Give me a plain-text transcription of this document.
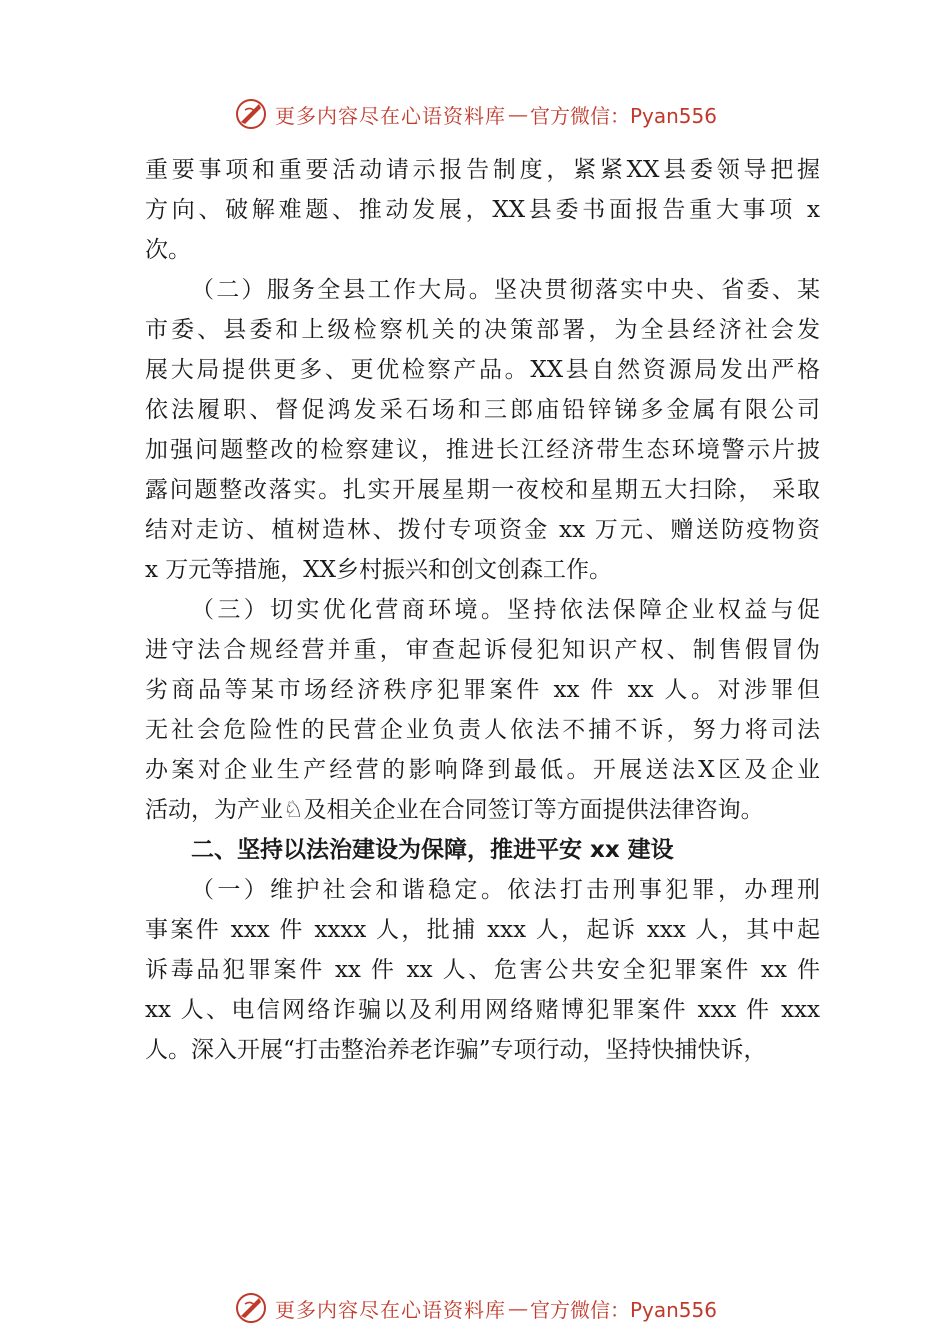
更多内容尽在心语资料库 — 官方微信：Pyan556
重要事项和重要活动请示报告制度，紧紧XX县委领导把握
方向、破解难题、推动发展，XX县委书面报告重大事项 x
次。
（二）服务全县工作大局。坚决贯彻落实中央、省委、某
市委、县委和上级检察机关的决策部署，为全县经济社会发
展大局提供更多、更优检察产品。XX县自然资源局发出严格
依法履职、督促鸿发采石场和三郎庙铅锌锑多金属有限公司
加强问题整改的检察建议，推进长江经济带生态环境警示片披
露问题整改落实。扎实开展星期一夜校和星期五大扫除， 采取
结对走访、植树造林、拨付专项资金 xx 万元、赠送防疫物资
x 万元等措施，XX乡村振兴和创文创森工作。
（三）切实优化营商环境。坚持依法保障企业权益与促
进守法合规经营并重，审查起诉侵犯知识产权、制售假冒伪
劣商品等某市场经济秩序犯罪案件 xx 件 xx 人。对涉罪但
无社会危险性的民营企业负责人依法不捕不诉，努力将司法
办案对企业生产经营的影响降到最低。开展送法X区及企业
活动，为产业♘及相关企业在合同签订等方面提供法律咨询。

二、坚持以法治建设为保障，推进平安 xx 建设

（一）维护社会和谐稳定。依法打击刑事犯罪，办理刑
事案件 xxx 件 xxxx 人，批捕 xxx 人，起诉 xxx 人，其中起
诉毒品犯罪案件 xx 件 xx 人、危害公共安全犯罪案件 xx 件
xx 人、电信网络诈骗以及利用网络赌博犯罪案件 xxx 件 xxx
人。深入开展“打击整治养老诈骗”专项行动，坚持快捕快诉，
更多内容尽在心语资料库 — 官方微信：Pyan556
